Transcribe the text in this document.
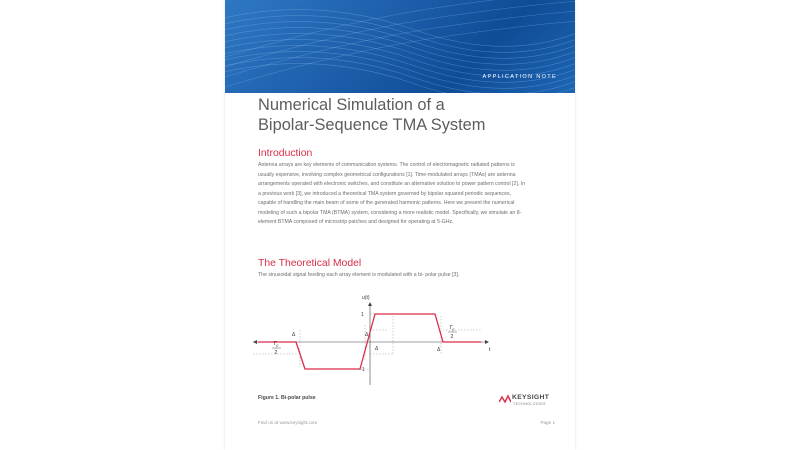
APPLICATION NOTE
Numerical Simulation of a
Bipolar-Sequence TMA System
Introduction

Antenna arrays are key elements of communication systems. The control of electromagnetic radiated patterns is usually expensive, involving complex geometrical configurations [1]. Time-modulated arrays (TMAs) are antenna arrangements operated with electronic switches, and constitute an alternative solution to power pattern control [2]. In a previous work [3], we introduced a theoretical TMA system governed by bipolar squared periodic sequences, capable of handling the main beam of some of the generated harmonic patterns. Here we present the numerical modeling of such a bipolar TMA (BTMA) system, considering a more realistic model. Specifically, we simulate an 8-element BTMA composed of microstrip patches and designed for operating at 5-GHz.

The Theoretical Model

The sinusoidal signal feeding each array element is modulated with a bi- polar pulse [3].

u(t)
t
1
−1
Δ	Δ
Δ	Δ
$T_p$
2
$T_p$
2
Figure 1. Bi-polar pulse	KEYSIGHT
TECHNOLOGIES
Find us at www.keysight.com	Page 1
